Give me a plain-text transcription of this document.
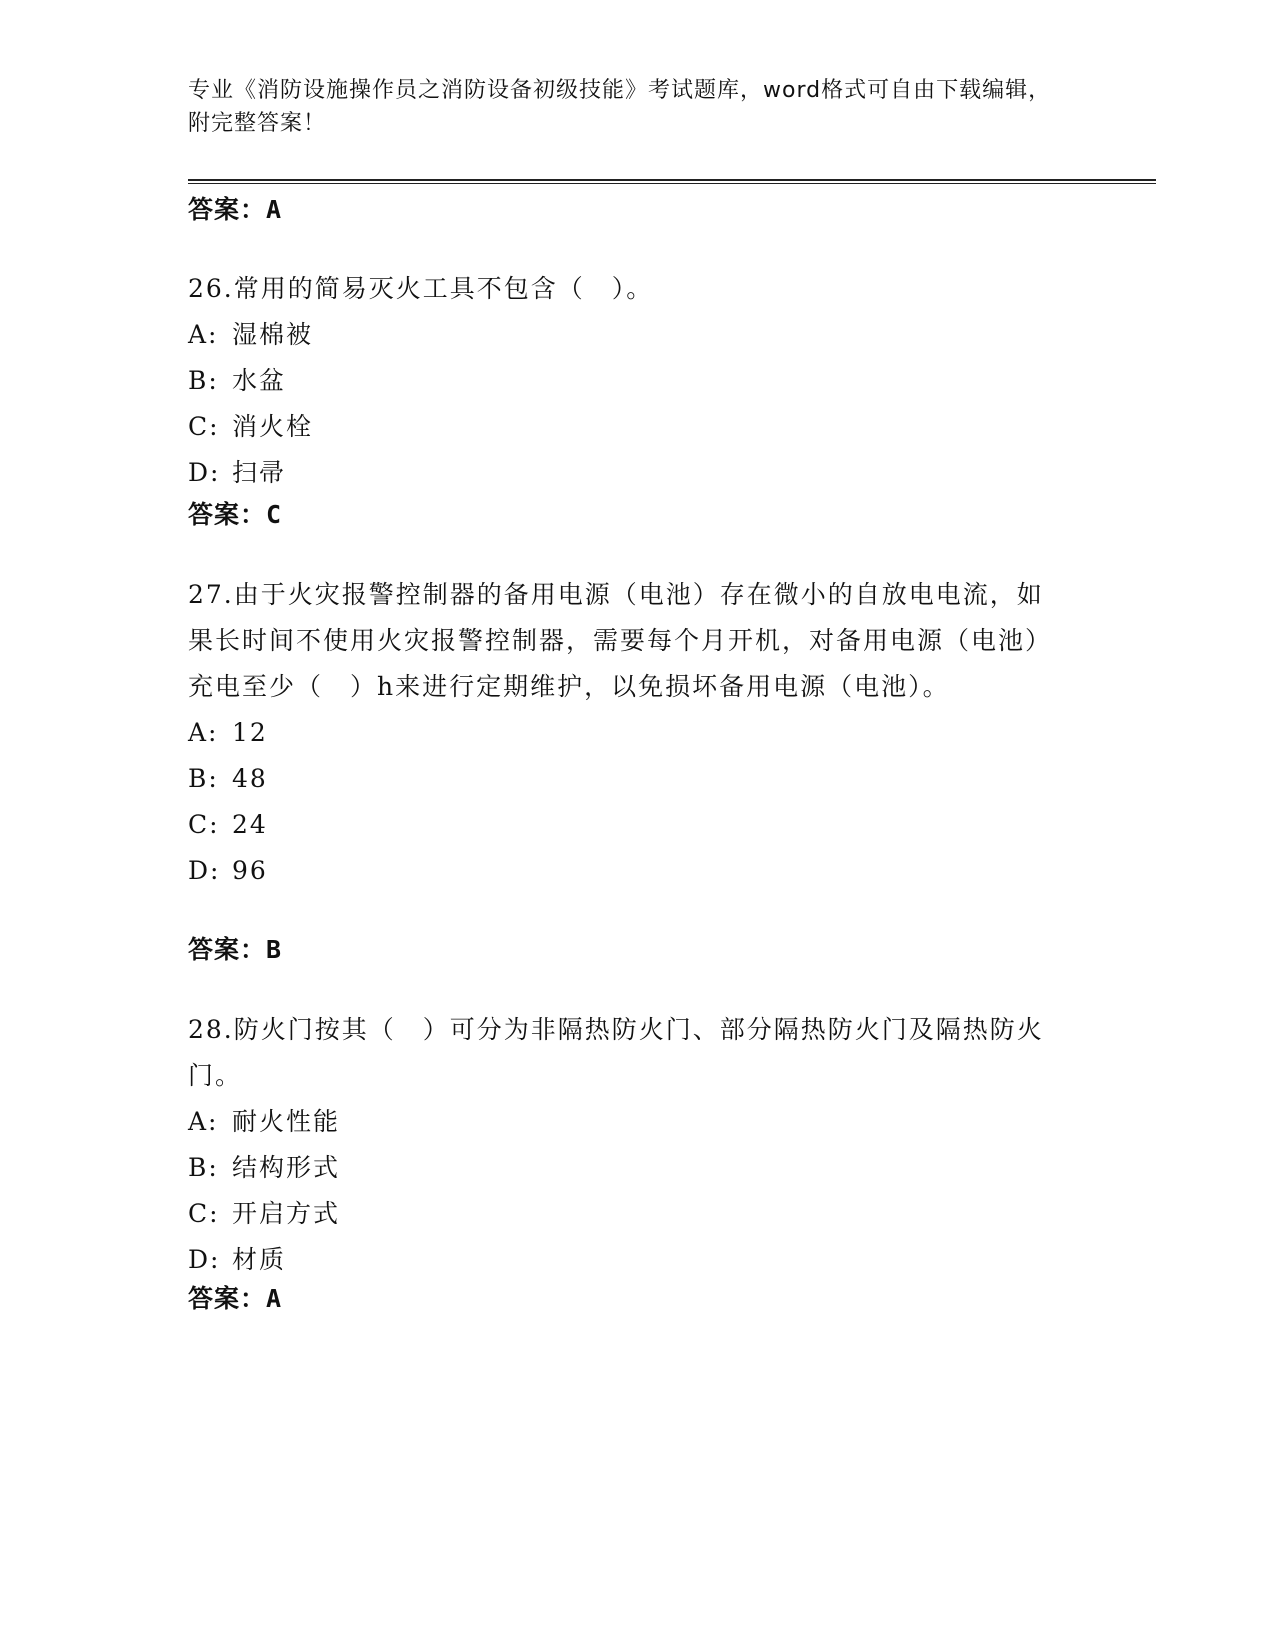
专业《消防设施操作员之消防设备初级技能》考试题库，word格式可自由下载编辑，附完整答案！
答案：A
26.常用的简易灭火工具不包含（　）。
A: 湿棉被
B: 水盆
C: 消火栓
D: 扫帚
答案：C
27.由于火灾报警控制器的备用电源（电池）存在微小的自放电电流，如果长时间不使用火灾报警控制器，需要每个月开机，对备用电源（电池）充电至少（　）h来进行定期维护，以免损坏备用电源（电池）。
A: 12
B: 48
C: 24
D: 96
答案：B
28.防火门按其（　）可分为非隔热防火门、部分隔热防火门及隔热防火门。
A: 耐火性能
B: 结构形式
C: 开启方式
D: 材质
答案：A
